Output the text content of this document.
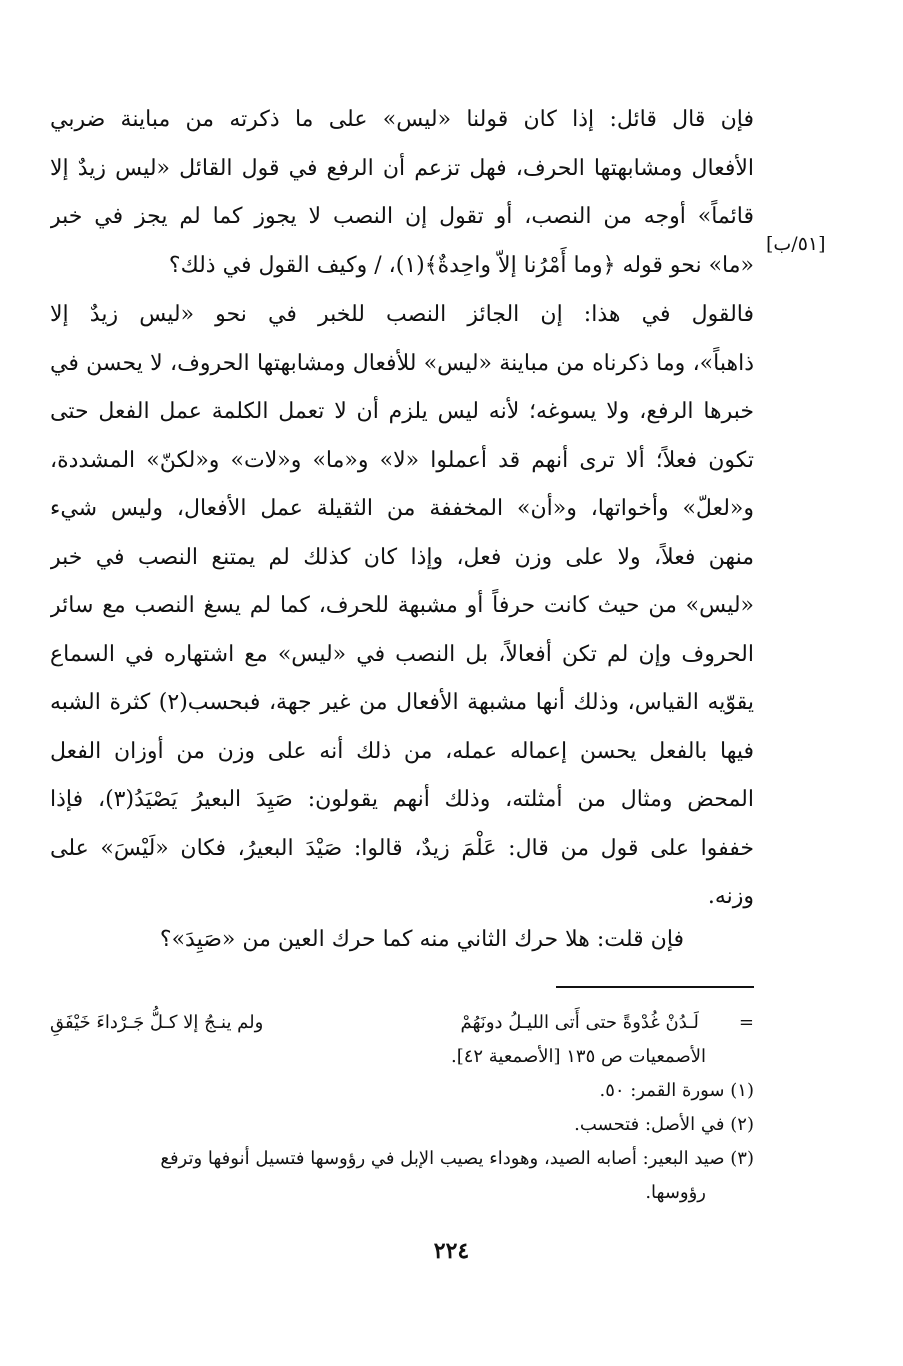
فإن قال قائل: إذا كان قولنا «ليس» على ما ذكرته من مباينة ضربي
الأفعال ومشابهتها الحرف، فهل تزعم أن الرفع في قول القائل «ليس زيدٌ إلا
قائماً» أوجه من النصب، أو تقول إن النصب لا يجوز كما لم يجز في خبر
«ما» نحو قوله ﴿وما أَمْرُنا إلاّ واحِدةٌ﴾(١)، / وكيف القول في ذلك؟

[٥١/ب]

فالقول في هذا: إن الجائز النصب للخبر في نحو «ليس زيدٌ إلا
ذاهباً»، وما ذكرناه من مباينة «ليس» للأفعال ومشابهتها الحروف، لا يحسن في
خبرها الرفع، ولا يسوغه؛ لأنه ليس يلزم أن لا تعمل الكلمة عمل الفعل حتى
تكون فعلاً؛ ألا ترى أنهم قد أعملوا «لا» و«ما» و«لات» و«لكنّ» المشددة،
و«لعلّ» وأخواتها، و«أن» المخففة من الثقيلة عمل الأفعال، وليس شيء
منهن فعلاً، ولا على وزن فعل، وإذا كان كذلك لم يمتنع النصب في خبر
«ليس» من حيث كانت حرفاً أو مشبهة للحرف، كما لم يسغ النصب مع سائر
الحروف وإن لم تكن أفعالاً، بل النصب في «ليس» مع اشتهاره في السماع
يقوّيه القياس، وذلك أنها مشبهة الأفعال من غير جهة، فبحسب(٢) كثرة الشبه
فيها بالفعل يحسن إعماله عمله، من ذلك أنه على وزن من أوزان الفعل
المحض ومثال من أمثلته، وذلك أنهم يقولون: صَيِدَ البعيرُ يَصْيَدُ(٣)، فإذا
خففوا على قول من قال: عَلْمَ زيدٌ، قالوا: صَيْدَ البعيرُ، فكان «لَيْسَ» على
وزنه.

فإن قلت: هلا حرك الثاني منه كما حرك العين من «صَيِدَ»؟

=
لَـدُنْ غُدْوةً حتى أَتى الليـلُ دونَهُمْ
ولم ينـجُ إلا كـلُّ جَـرْداءَ خَيْفَقِ
الأصمعيات ص ١٣٥ [الأصمعية ٤٢].
(١) سورة القمر: ٥٠.
(٢) في الأصل: فتحسب.
(٣) صيد البعير: أصابه الصيد، وهوداء يصيب الإبل في رؤوسها فتسيل أنوفها وترفع
رؤوسها.
٢٢٤
